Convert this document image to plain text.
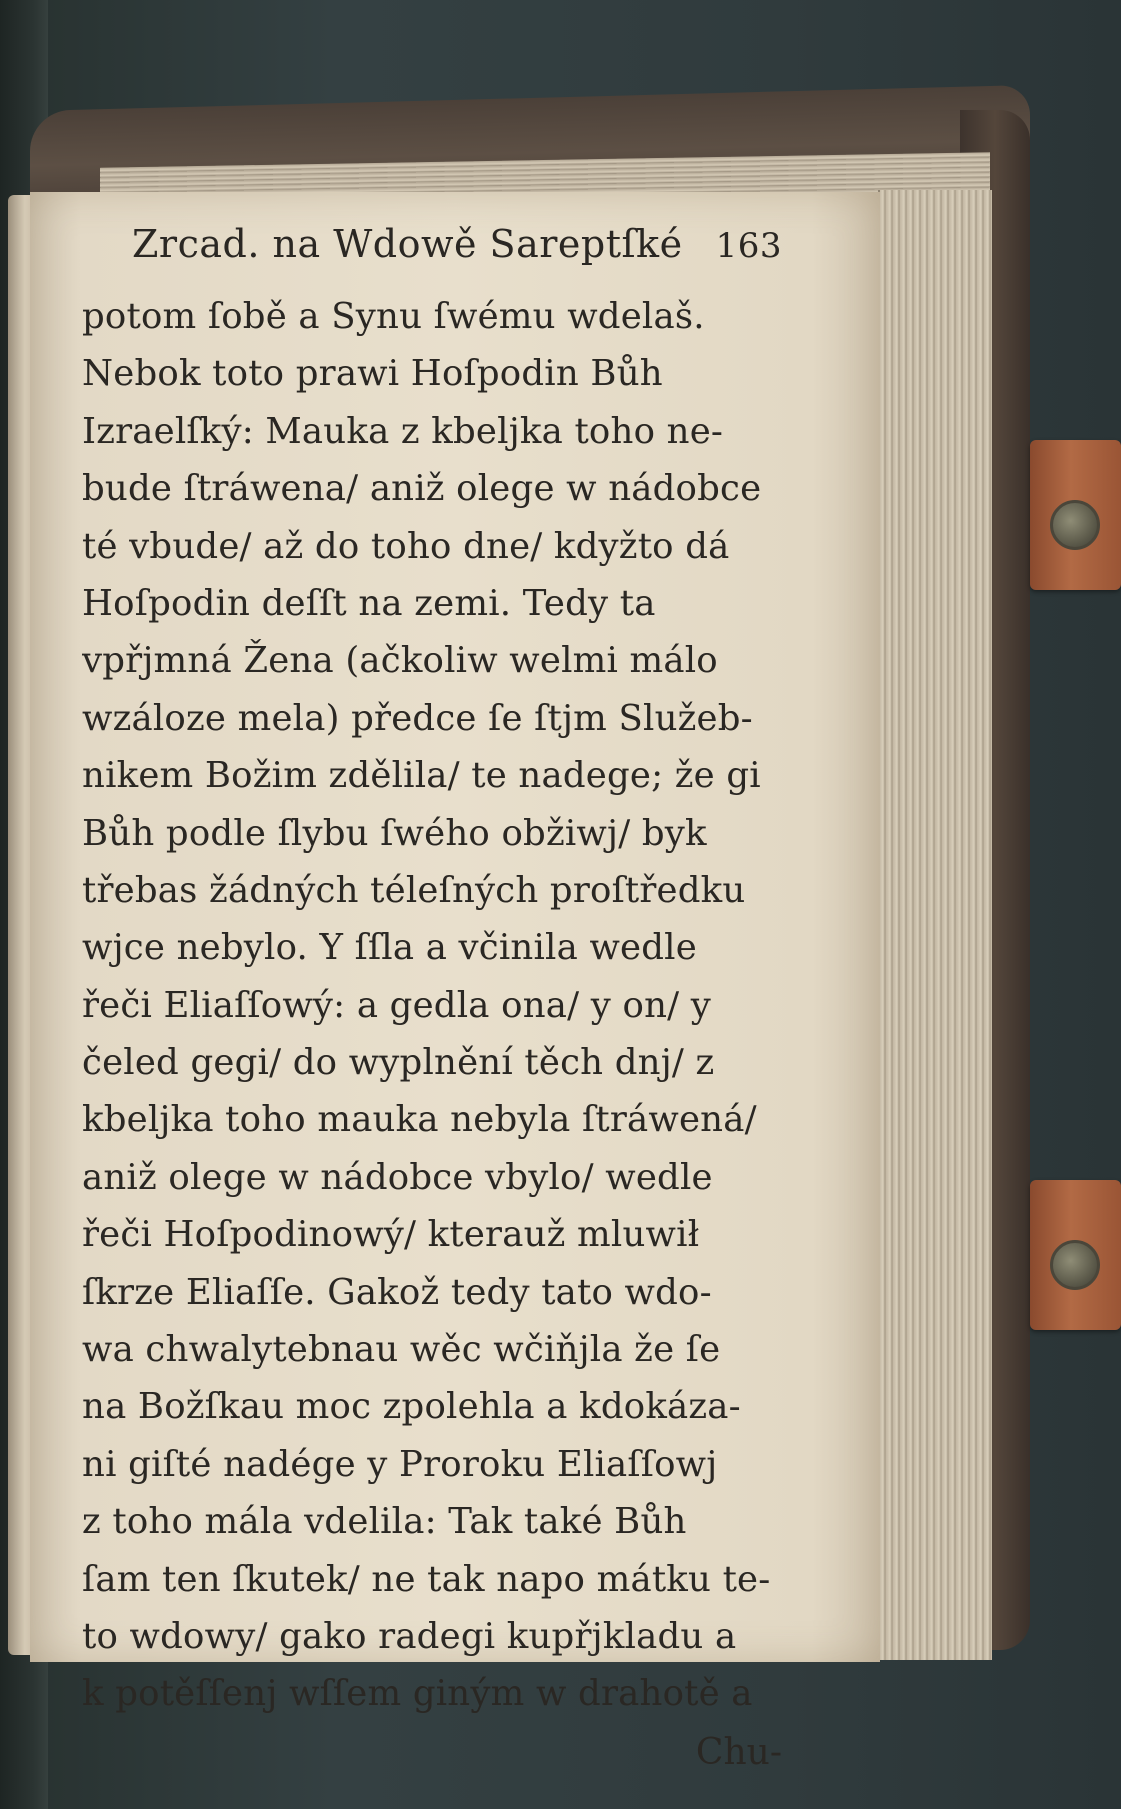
Zrcad. na Wdowě Sareptſké 163
potom ſobě a Synu ſwému wdelaš.
Nebok toto prawi Hoſpodin Bůh
Izraelſký: Mauka z kbeljka toho ne-
bude ſtráwena/ aniž olege w nádobce
té vbude/ až do toho dne/ kdyžto dá
Hoſpodin deſſt na zemi. Tedy ta
vpřjmná Žena (ačkoliw welmi málo
wzáloze mela) předce ſe ſtjm Služeb-
nikem Božim zdělila/ te nadege; že gi
Bůh podle ſlybu ſwého obžiwj/ byk
třebas žádných téleſných proſtředku
wjce nebylo. Y ſſla a včinila wedle
řeči Eliaſſowý: a gedla ona/ y on/ y
čeled gegi/ do wyplnění těch dnj/ z
kbeljka toho mauka nebyla ſtráwená/
aniž olege w nádobce vbylo/ wedle
řeči Hoſpodinowý/ kterauž mluwił
ſkrze Eliaſſe. Gakož tedy tato wdo-
wa chwalytebnau wěc wčiňjla že ſe
na Božſkau moc zpolehla a kdokáza-
ni giſté nadége y Proroku Eliaſſowj
z toho mála vdelila: Tak také Bůh
ſam ten ſkutek/ ne tak napo mátku te-
to wdowy/ gako radegi kupřjkladu a
k potěſſenj wſſem giným w drahotě a
Chu-
